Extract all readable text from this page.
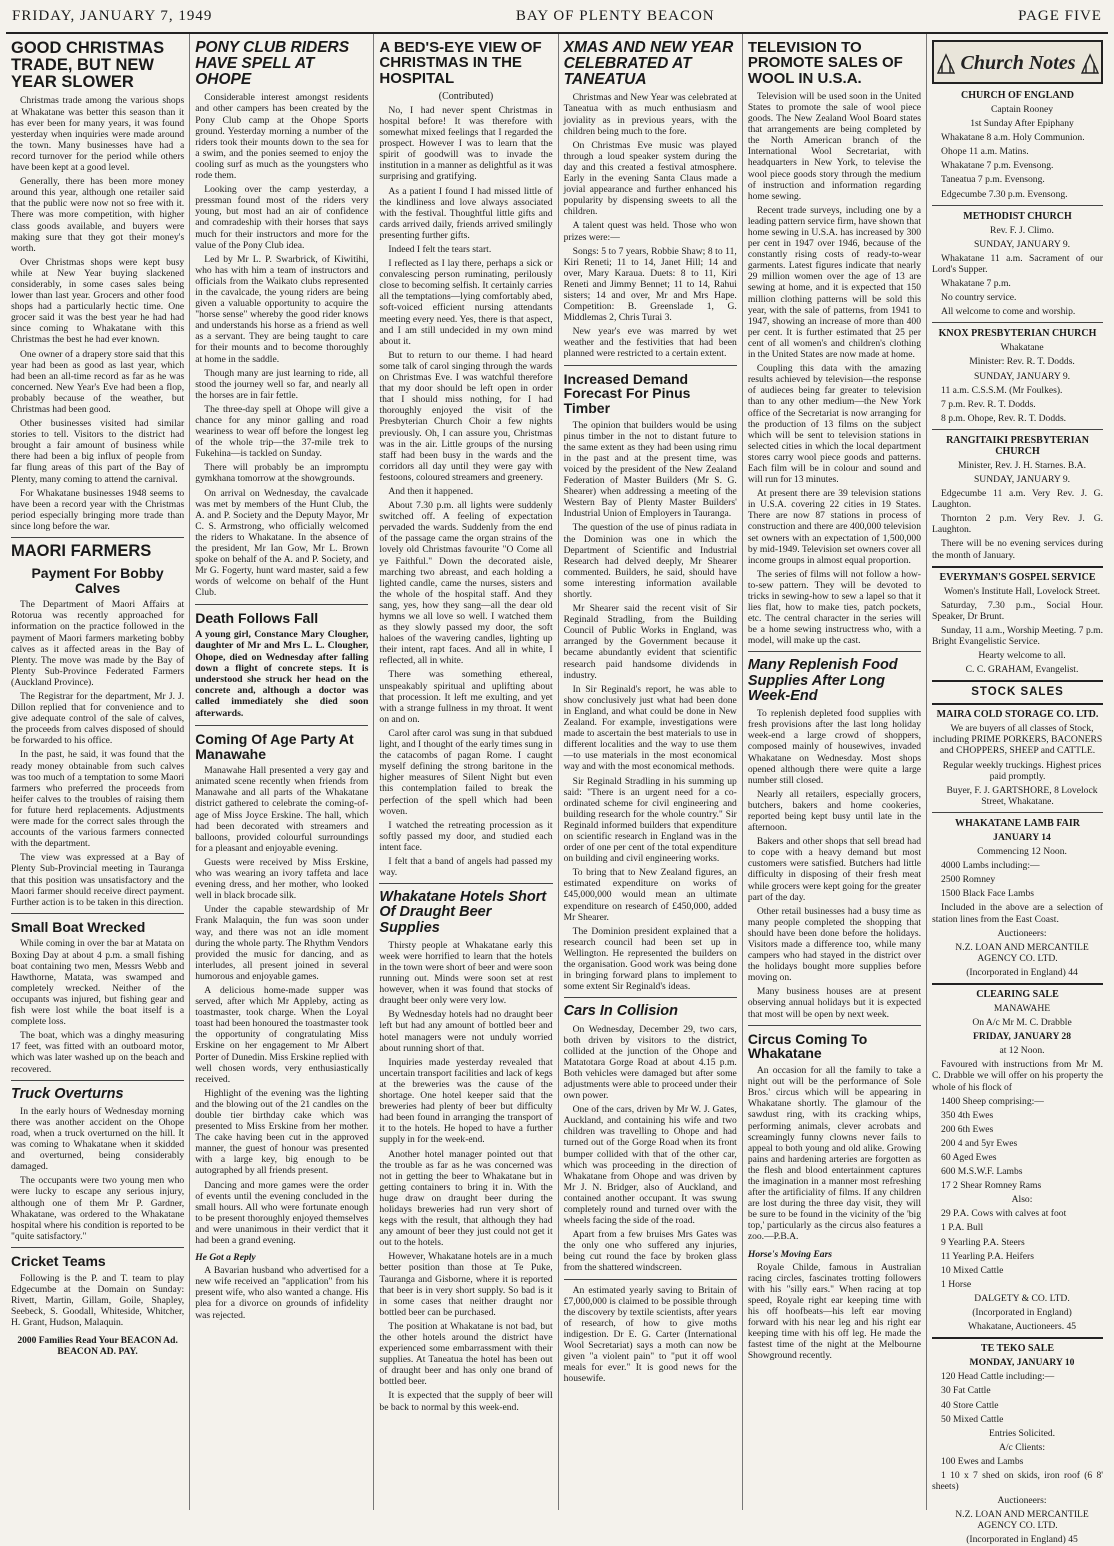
FRIDAY, JANUARY 7, 1949	BAY OF PLENTY BEACON	PAGE FIVE
GOOD CHRISTMAS TRADE, BUT NEW YEAR SLOWER

Christmas trade among the various shops at Whakatane was better this season than it has ever been for many years, it was found yesterday when inquiries were made around the town. Many businesses have had a record turnover for the period while others have been kept at a good level.

Generally, there has been more money around this year, although one retailer said that the public were now not so free with it. There was more competition, with higher class goods available, and buyers were making sure that they got their money's worth.

Over Christmas shops were kept busy while at New Year buying slackened considerably, in some cases sales being lower than last year. Grocers and other food shops had a particularly hectic time. One grocer said it was the best year he had had since coming to Whakatane with this Christmas the best he had ever known.

One owner of a drapery store said that this year had been as good as last year, which had been an all-time record as far as he was concerned. New Year's Eve had been a flop, probably because of the weather, but Christmas had been good.

Other businesses visited had similar stories to tell. Visitors to the district had brought a fair amount of business while there had been a big influx of people from far flung areas of this part of the Bay of Plenty, many coming to attend the carnival.

For Whakatane businesses 1948 seems to have been a record year with the Christmas period especially bringing more trade than since long before the war.

MAORI FARMERS
Payment For Bobby Calves

The Department of Maori Affairs at Rotorua was recently approached for information on the practice followed in the payment of Maori farmers marketing bobby calves as it affected areas in the Bay of Plenty. The move was made by the Bay of Plenty Sub-Province Federated Farmers (Auckland Province).

The Registrar for the department, Mr J. J. Dillon replied that for convenience and to give adequate control of the sale of calves, the proceeds from calves disposed of should be forwarded to his office.

In the past, he said, it was found that the ready money obtainable from such calves was too much of a temptation to some Maori farmers who preferred the proceeds from heifer calves to the troubles of raising them for future herd replacements. Adjustments were made for the correct sales through the accounts of the various farmers connected with the department.

The view was expressed at a Bay of Plenty Sub-Provincial meeting in Tauranga that this position was unsatisfactory and the Maori farmer should receive direct payment. Further action is to be taken in this direction.

Small Boat Wrecked

While coming in over the bar at Matata on Boxing Day at about 4 p.m. a small fishing boat containing two men, Messrs Webb and Hawthorne, Matata, was swamped and completely wrecked. Neither of the occupants was injured, but fishing gear and fish were lost while the boat itself is a complete loss.

The boat, which was a dinghy measuring 17 feet, was fitted with an outboard motor, which was later washed up on the beach and recovered.

Truck Overturns

In the early hours of Wednesday morning there was another accident on the Ohope road, when a truck overturned on the hill. It was coming to Whakatane when it skidded and overturned, being considerably damaged.

The occupants were two young men who were lucky to escape any serious injury, although one of them Mr P. Gardner, Whakatane, was ordered to the Whakatane hospital where his condition is reported to be "quite satisfactory."

Cricket Teams

Following is the P. and T. team to play Edgecumbe at the Domain on Sunday: Rivett, Martin, Gillam, Goile, Shapley, Seebeck, S. Goodall, Whiteside, Whitcher, H. Grant, Hudson, Malaquin.

2000 Families Read Your BEACON Ad. BEACON AD. PAY.
PONY CLUB RIDERS HAVE SPELL AT OHOPE

Considerable interest amongst residents and other campers has been created by the Pony Club camp at the Ohope Sports ground. Yesterday morning a number of the riders took their mounts down to the sea for a swim, and the ponies seemed to enjoy the cooling surf as much as the youngsters who rode them.

Looking over the camp yesterday, a pressman found most of the riders very young, but most had an air of confidence and comradeship with their horses that says much for their instructors and more for the value of the Pony Club idea.

Led by Mr L. P. Swarbrick, of Kiwitihi, who has with him a team of instructors and officials from the Waikato clubs represented in the cavalcade, the young riders are being given a valuable opportunity to acquire the "horse sense" whereby the good rider knows and understands his horse as a friend as well as a servant. They are being taught to care for their mounts and to become thoroughly at home in the saddle.

Though many are just learning to ride, all stood the journey well so far, and nearly all the horses are in fair fettle.

The three-day spell at Ohope will give a chance for any minor galling and road weariness to wear off before the longest leg of the whole trip—the 37-mile trek to Fukehina—is tackled on Sunday.

There will probably be an impromptu gymkhana tomorrow at the showgrounds.

On arrival on Wednesday, the cavalcade was met by members of the Hunt Club, the A. and P. Society and the Deputy Mayor, Mr C. S. Armstrong, who officially welcomed the riders to Whakatane. In the absence of the president, Mr Ian Gow, Mr L. Brown spoke on behalf of the A. and P. Society, and Mr G. Fogerty, hunt ward master, said a few words of welcome on behalf of the Hunt Club.

Death Follows Fall
A young girl, Constance Mary Clougher, daughter of Mr and Mrs L. L. Clougher, Ohope, died on Wednesday after falling down a flight of concrete steps. It is understood she struck her head on the concrete and, although a doctor was called immediately she died soon afterwards.
Coming Of Age Party At Manawahe

Manawahe Hall presented a very gay and animated scene recently when friends from Manawahe and all parts of the Whakatane district gathered to celebrate the coming-of-age of Miss Joyce Erskine. The hall, which had been decorated with streamers and balloons, provided colourful surroundings for a pleasant and enjoyable evening.

Guests were received by Miss Erskine, who was wearing an ivory taffeta and lace evening dress, and her mother, who looked well in black brocade silk.

Under the capable stewardship of Mr Frank Malaquin, the fun was soon under way, and there was not an idle moment during the whole party. The Rhythm Vendors provided the music for dancing, and as interludes, all present joined in several humorous and enjoyable games.

A delicious home-made supper was served, after which Mr Appleby, acting as toastmaster, took charge. When the Loyal toast had been honoured the toastmaster took the opportunity of congratulating Miss Erskine on her engagement to Mr Albert Porter of Dunedin. Miss Erskine replied with well chosen words, very enthusiastically received.

Highlight of the evening was the lighting and the blowing out of the 21 candles on the double tier birthday cake which was presented to Miss Erskine from her mother. The cake having been cut in the approved manner, the guest of honour was presented with a large key, big enough to be autographed by all friends present.

Dancing and more games were the order of events until the evening concluded in the small hours. All who were fortunate enough to be present thoroughly enjoyed themselves and were unanimous in their verdict that it had been a grand evening.

He Got a Reply

A Bavarian husband who advertised for a new wife received an "application" from his present wife, who also wanted a change. His plea for a divorce on grounds of infidelity was rejected.

A BED'S-EYE VIEW OF CHRISTMAS IN THE HOSPITAL
(Contributed)

No, I had never spent Christmas in hospital before! It was therefore with somewhat mixed feelings that I regarded the prospect. However I was to learn that the spirit of goodwill was to invade the institution in a manner as delightful as it was surprising and gratifying.

As a patient I found I had missed little of the kindliness and love always associated with the festival. Thoughtful little gifts and cards arrived daily, friends arrived smilingly presenting further gifts.

Indeed I felt the tears start.

I reflected as I lay there, perhaps a sick or convalescing person ruminating, perilously close to becoming selfish. It certainly carries all the temptations—lying comfortably abed, soft-voiced efficient nursing attendants meeting every need. Yes, there is that aspect, and I am still undecided in my own mind about it.

But to return to our theme. I had heard some talk of carol singing through the wards on Christmas Eve. I was watchful therefore that my door should be left open in order that I should miss nothing, for I had thoroughly enjoyed the visit of the Presbyterian Church Choir a few nights previously. Oh, I can assure you, Christmas was in the air. Little groups of the nursing staff had been busy in the wards and the corridors all day until they were gay with festoons, coloured streamers and greenery.

And then it happened.

About 7.30 p.m. all lights were suddenly switched off. A feeling of expectation pervaded the wards. Suddenly from the end of the passage came the organ strains of the lovely old Christmas favourite "O Come all ye Faithful." Down the decorated aisle, marching two abreast, and each holding a lighted candle, came the nurses, sisters and the whole of the hospital staff. And they sang, yes, how they sang—all the dear old hymns we all love so well. I watched them as they slowly passed my door, the soft haloes of the wavering candles, lighting up their intent, rapt faces. And all in white, I reflected, all in white.

There was something ethereal, unspeakably spiritual and uplifting about that procession. It left me exulting, and yet with a strange fullness in my throat. It went on and on.

Carol after carol was sung in that subdued light, and I thought of the early times sung in the catacombs of pagan Rome. I caught myself defining the strong baritone in the higher measures of Silent Night but even this contemplation failed to break the perfection of the spell which had been woven.

I watched the retreating procession as it softly passed my door, and studied each intent face.

I felt that a band of angels had passed my way.

Whakatane Hotels Short Of Draught Beer Supplies

Thirsty people at Whakatane early this week were horrified to learn that the hotels in the town were short of beer and were soon running out. Minds were soon set at rest however, when it was found that stocks of draught beer only were very low.

By Wednesday hotels had no draught beer left but had any amount of bottled beer and hotel managers were not unduly worried about running short of that.

Inquiries made yesterday revealed that uncertain transport facilities and lack of kegs at the breweries was the cause of the shortage. One hotel keeper said that the breweries had plenty of beer but difficulty had been found in arranging the transport of it to the hotels. He hoped to have a further supply in for the week-end.

Another hotel manager pointed out that the trouble as far as he was concerned was not in getting the beer to Whakatane but in getting containers to bring it in. With the huge draw on draught beer during the holidays breweries had run very short of kegs with the result, that although they had any amount of beer they just could not get it out to the hotels.

However, Whakatane hotels are in a much better position than those at Te Puke, Tauranga and Gisborne, where it is reported that beer is in very short supply. So bad is it in some cases that neither draught nor bottled beer can be purchased.

The position at Whakatane is not bad, but the other hotels around the district have experienced some embarrassment with their supplies. At Taneatua the hotel has been out of draught beer and has only one brand of bottled beer.

It is expected that the supply of beer will be back to normal by this week-end.

XMAS AND NEW YEAR CELEBRATED AT TANEATUA

Christmas and New Year was celebrated at Taneatua with as much enthusiasm and joviality as in previous years, with the children being much to the fore.

On Christmas Eve music was played through a loud speaker system during the day and this created a festival atmosphere. Early in the evening Santa Claus made a jovial appearance and further enhanced his popularity by dispensing sweets to all the children.

A talent quest was held. Those who won prizes were:—

Songs: 5 to 7 years, Robbie Shaw; 8 to 11, Kiri Reneti; 11 to 14, Janet Hill; 14 and over, Mary Karaua. Duets: 8 to 11, Kiri Reneti and Jimmy Bennet; 11 to 14, Rahui sisters; 14 and over, Mr and Mrs Hape. Competition: B. Greenslade 1, G. Middlemas 2, Chris Turai 3.

New year's eve was marred by wet weather and the festivities that had been planned were restricted to a certain extent.

Increased Demand Forecast For Pinus Timber

The opinion that builders would be using pinus timber in the not to distant future to the same extent as they had been using rimu in the past and at the present time, was voiced by the president of the New Zealand Federation of Master Builders (Mr S. G. Shearer) when addressing a meeting of the Western Bay of Plenty Master Builders' Industrial Union of Employers in Tauranga.

The question of the use of pinus radiata in the Dominion was one in which the Department of Scientific and Industrial Research had delved deeply, Mr Shearer commented. Builders, he said, should have some interesting information available shortly.

Mr Shearer said the recent visit of Sir Reginald Stradling, from the Building Council of Public Works in England, was arranged by the Government because it became abundantly evident that scientific research paid handsome dividends in industry.

In Sir Reginald's report, he was able to show conclusively just what had been done in England, and what could be done in New Zealand. For example, investigations were made to ascertain the best materials to use in different localities and the way to use them—to use materials in the most economical way and with the most economical methods.

Sir Reginald Stradling in his summing up said: "There is an urgent need for a co-ordinated scheme for civil engineering and building research for the whole country." Sir Reginald informed builders that expenditure on scientific research in England was in the order of one per cent of the total expenditure on building and civil engineering works.

To bring that to New Zealand figures, an estimated expenditure on works of £45,000,000 would mean an ultimate expenditure on research of £450,000, added Mr Shearer.

The Dominion president explained that a research council had been set up in Wellington. He represented the builders on the organisation. Good work was being done in bringing forward plans to implement to some extent Sir Reginald's ideas.

Cars In Collision

On Wednesday, December 29, two cars, both driven by visitors to the district, collided at the junction of the Ohope and Matatotara Gorge Road at about 4.15 p.m. Both vehicles were damaged but after some adjustments were able to proceed under their own power.

One of the cars, driven by Mr W. J. Gates, Auckland, and containing his wife and two children was travelling to Ohope and had turned out of the Gorge Road when its front bumper collided with that of the other car, which was proceeding in the direction of Whakatane from Ohope and was driven by Mr J. N. Bridger, also of Auckland, and contained another occupant. It was swung completely round and turned over with the wheels facing the side of the road.

Apart from a few bruises Mrs Gates was the only one who suffered any injuries, being cut round the face by broken glass from the shattered windscreen.

An estimated yearly saving to Britain of £7,000,000 is claimed to be possible through the discovery by textile scientists, after years of research, of how to give moths indigestion. Dr E. G. Carter (International Wool Secretariat) says a moth can now be given "a violent pain" to "put it off wool meals for ever." It is good news for the housewife.

TELEVISION TO PROMOTE SALES OF WOOL IN U.S.A.

Television will be used soon in the United States to promote the sale of wool piece goods. The New Zealand Wool Board states that arrangements are being completed by the North American branch of the International Wool Secretariat, with headquarters in New York, to televise the wool piece goods story through the medium of instruction and information regarding home sewing.

Recent trade surveys, including one by a leading pattern service firm, have shown that home sewing in U.S.A. has increased by 300 per cent in 1947 over 1946, because of the constantly rising costs of ready-to-wear garments. Latest figures indicate that nearly 29 million women over the age of 13 are sewing at home, and it is expected that 150 million clothing patterns will be sold this year, with the sale of patterns, from 1941 to 1947, showing an increase of more than 400 per cent. It is further estimated that 25 per cent of all women's and children's clothing in the United States are now made at home.

Coupling this data with the amazing results achieved by television—the response of audieces being far greater to television than to any other medium—the New York office of the Secretariat is now arranging for the production of 13 films on the subject which will be sent to television stations in selected cities in which the local department stores carry wool piece goods and patterns. Each film will be in colour and sound and will run for 13 minutes.

At present there are 39 television stations in U.S.A. covering 22 cities in 19 States. There are now 87 stations in process of construction and there are 400,000 television set owners with an expectation of 1,500,000 by mid-1949. Television set owners cover all income groups in almost equal proportion.

The series of films will not follow a how-to-sew pattern. They will be devoted to tricks in sewing-how to sew a lapel so that it lies flat, how to make ties, patch pockets, etc. The central character in the series will be a home sewing instructress who, with a model, will make up the cast.

Many Replenish Food Supplies After Long Week-End

To replenish depleted food supplies with fresh provisions after the last long holiday week-end a large crowd of shoppers, composed mainly of housewives, invaded Whakatane on Wednesday. Most shops opened although there were quite a large number still closed.

Nearly all retailers, especially grocers, butchers, bakers and home cookeries, reported being kept busy until late in the afternoon.

Bakers and other shops that sell bread had to cope with a heavy demand but most customers were satisfied. Butchers had little difficulty in disposing of their fresh meat while grocers were kept going for the greater part of the day.

Other retail businesses had a busy time as many people completed the shopping that should have been done before the holidays. Visitors made a difference too, while many campers who had stayed in the district over the holidays bought more supplies before moving on.

Many business houses are at present observing annual holidays but it is expected that most will be open by next week.

Circus Coming To Whakatane

An occasion for all the family to take a night out will be the performance of Sole Bros.' circus which will be appearing in Whakatane shortly. The glamour of the sawdust ring, with its cracking whips, performing animals, clever acrobats and screamingly funny clowns never fails to appeal to both young and old alike. Growing pains and hardening arteries are forgotten as the flesh and blood entertainment captures the imagination in a manner most refreshing after the artificiality of films. If any children are lost during the three day visit, they will be sure to be found in the vicinity of the 'big top,' particularly as the circus also features a zoo.—P.B.A.

Horse's Moving Ears

Royale Childe, famous in Australian racing circles, fascinates trotting followers with his "silly ears." When racing at top speed, Royale right ear keeping time with his off hoofbeats—his left ear moving forward with his near leg and his right ear keeping time with his off leg. He made the fastest time of the night at the Melbourne Showground recently.

Church Notes
CHURCH OF ENGLAND

Captain Rooney

1st Sunday After Epiphany

Whakatane 8 a.m. Holy Communion.

Ohope 11 a.m. Matins.

Whakatane 7 p.m. Evensong.

Taneatua 7 p.m. Evensong.

Edgecumbe 7.30 p.m. Evensong.

METHODIST CHURCH

Rev. F. J. Climo.

SUNDAY, JANUARY 9.

Whakatane 11 a.m. Sacrament of our Lord's Supper.

Whakatane 7 p.m.

No country service.

All welcome to come and worship.

KNOX PRESBYTERIAN CHURCH

Whakatane

Minister: Rev. R. T. Dodds.

SUNDAY, JANUARY 9.

11 a.m. C.S.S.M. (Mr Foulkes).

7 p.m. Rev. R. T. Dodds.

8 p.m. Ohope, Rev. R. T. Dodds.

RANGITAIKI PRESBYTERIAN CHURCH

Minister, Rev. J. H. Starnes. B.A.

SUNDAY, JANUARY 9.

Edgecumbe 11 a.m. Very Rev. J. G. Laughton.

Thornton 2 p.m. Very Rev. J. G. Laughton.

There will be no evening services during the month of January.

EVERYMAN'S GOSPEL SERVICE

Women's Institute Hall, Lovelock Street.

Saturday, 7.30 p.m., Social Hour. Speaker, Dr Brunt.

Sunday, 11 a.m., Worship Meeting. 7 p.m. Bright Evangelistic Service.

Hearty welcome to all.

C. C. GRAHAM, Evangelist.

STOCK SALES
MAIRA COLD STORAGE CO. LTD.

We are buyers of all classes of Stock, including PRIME PORKERS, BACONERS and CHOPPERS, SHEEP and CATTLE.

Regular weekly truckings. Highest prices paid promptly.

Buyer, F. J. GARTSHORE, 8 Lovelock Street, Whakatane.

WHAKATANE LAMB FAIR

JANUARY 14

Commencing 12 Noon.

4000 Lambs including:—

2500 Romney

1500 Black Face Lambs

Included in the above are a selection of station lines from the East Coast.

Auctioneers:

N.Z. LOAN AND MERCANTILE AGENCY CO. LTD.

(Incorporated in England) 44

CLEARING SALE

MANAWAHE

On A/c Mr M. C. Drabble

FRIDAY, JANUARY 28

at 12 Noon.

Favoured with instructions from Mr M. C. Drabble we will offer on his property the whole of his flock of

1400 Sheep comprising:—

350 4th Ewes

200 6th Ewes

200 4 and 5yr Ewes

60 Aged Ewes

600 M.S.W.F. Lambs

17 2 Shear Romney Rams

Also:

29 P.A. Cows with calves at foot

1 P.A. Bull

9 Yearling P.A. Steers

11 Yearling P.A. Heifers

10 Mixed Cattle

1 Horse

DALGETY & CO. LTD.

(Incorporated in England)

Whakatane, Auctioneers. 45

TE TEKO SALE

MONDAY, JANUARY 10

120 Head Cattle including:—

30 Fat Cattle

40 Store Cattle

50 Mixed Cattle

Entries Solicited.

A/c Clients:

100 Ewes and Lambs

1 10 x 7 shed on skids, iron roof (6 8' sheets)

Auctioneers:

N.Z. LOAN AND MERCANTILE AGENCY CO. LTD.

(Incorporated in England) 45
